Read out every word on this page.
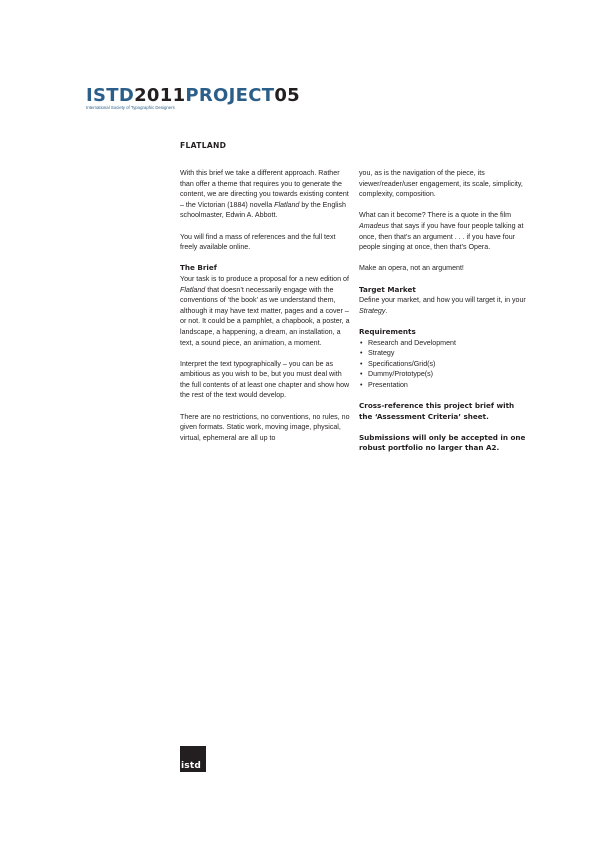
ISTD2011PROJECT05
International Society of Typographic Designers
FLATLAND

With this brief we take a different approach. Rather than offer a theme that requires you to generate the content, we are directing you towards existing content – the Victorian (1884) novella Flatland by the English schoolmaster, Edwin A. Abbott.

You will find a mass of references and the full text freely available online.

The Brief

Your task is to produce a proposal for a new edition of Flatland that doesn’t necessarily engage with the conventions of ‘the book’ as we understand them, although it may have text matter, pages and a cover – or not. It could be a pamphlet, a chapbook, a poster, a landscape, a happening, a dream, an installation, a text, a sound piece, an animation, a moment.

Interpret the text typographically – you can be as ambitious as you wish to be, but you must deal with the full contents of at least one chapter and show how the rest of the text would develop.

There are no restrictions, no conventions, no rules, no given formats. Static work, moving image, physical, virtual, ephemeral are all up to

you, as is the navigation of the piece, its viewer/reader/user engagement, its scale, simplicity, complexity, composition.

What can it become? There is a quote in the film Amadeus that says if you have four people talking at once, then that’s an argument . . . if you have four people singing at once, then that’s Opera.

Make an opera, not an argument!

Target Market

Define your market, and how you will target it, in your Strategy.

Requirements
• Research and Development
• Strategy
• Specifications/Grid(s)
• Dummy/Prototype(s)
• Presentation
Cross-reference this project brief with the ‘Assessment Criteria’ sheet.
Submissions will only be accepted in one robust portfolio no larger than A2.
istd
